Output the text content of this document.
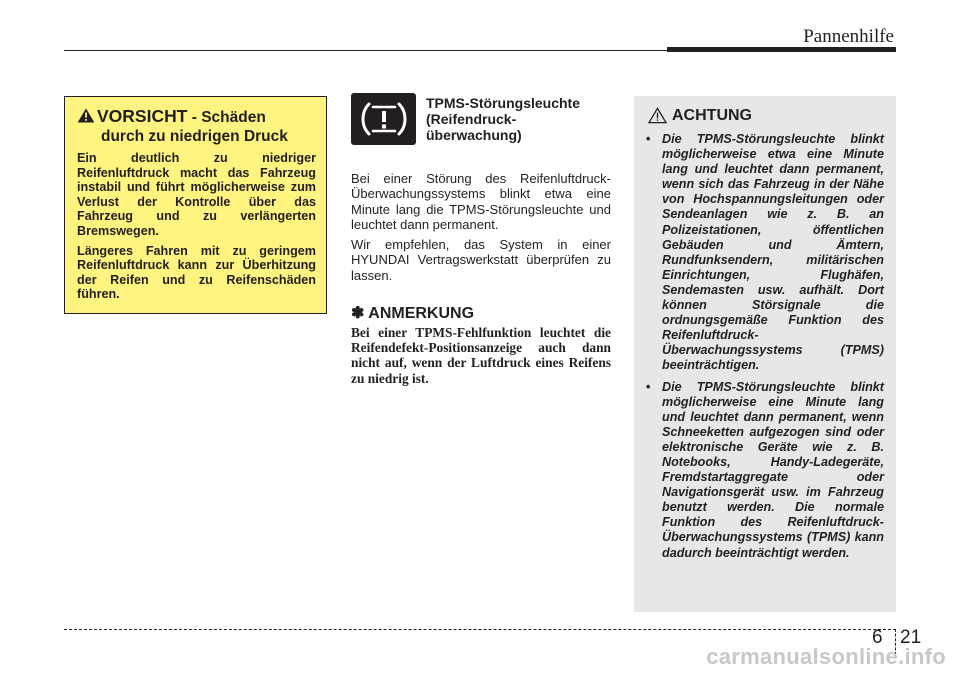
Pannenhilfe
VORSICHT - Schäden
durch zu niedrigen Druck

Ein deutlich zu niedriger Reifenluftdruck macht das Fahrzeug instabil und führt möglicherweise zum Verlust der Kontrolle über das Fahrzeug und zu verlängerten Bremswegen.

Längeres Fahren mit zu geringem Reifenluftdruck kann zur Überhitzung der Reifen und zu Reifenschäden führen.

TPMS-Störungsleuchte
(Reifendruck-
überwachung)

Bei einer Störung des Reifenluftdruck-Überwachungssystems blinkt etwa eine Minute lang die TPMS-Störungsleuchte und leuchtet dann permanent.

Wir empfehlen, das System in einer HYUNDAI Vertragswerkstatt überprüfen zu lassen.

✽ ANMERKUNG

Bei einer TPMS-Fehlfunktion leuchtet die Reifendefekt-Positionsanzeige auch dann nicht auf, wenn der Luftdruck eines Reifens zu niedrig ist.

ACHTUNG
• Die TPMS-Störungsleuchte blinkt möglicherweise etwa eine Minute lang und leuchtet dann permanent, wenn sich das Fahrzeug in der Nähe von Hochspannungsleitungen oder Sendeanlagen wie z. B. an Polizeistationen, öffentlichen Gebäuden und Ämtern, Rundfunksendern, militärischen Einrichtungen, Flughäfen, Sendemasten usw. aufhält. Dort können Störsignale die ordnungsgemäße Funktion des Reifenluftdruck-Überwachungssystems (TPMS) beeinträchtigen.
• Die TPMS-Störungsleuchte blinkt möglicherweise eine Minute lang und leuchtet dann permanent, wenn Schneeketten aufgezogen sind oder elektronische Geräte wie z. B. Notebooks, Handy-Ladegeräte, Fremdstartaggregate oder Navigationsgerät usw. im Fahrzeug benutzt werden. Die normale Funktion des Reifenluftdruck-Überwachungssystems (TPMS) kann dadurch beeinträchtigt werden.
6 21
carmanualsonline.info
